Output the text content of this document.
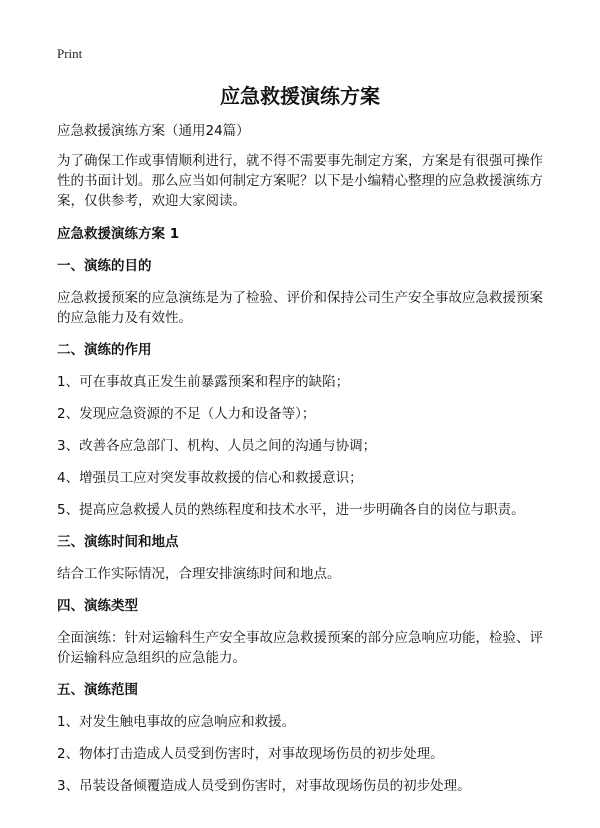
Print
应急救援演练方案

应急救援演练方案（通用24篇）

为了确保工作或事情顺利进行，就不得不需要事先制定方案，方案是有很强可操作性的书面计划。那么应当如何制定方案呢？以下是小编精心整理的应急救援演练方案，仅供参考，欢迎大家阅读。

应急救援演练方案 1

一、演练的目的

应急救援预案的应急演练是为了检验、评价和保持公司生产安全事故应急救援预案的应急能力及有效性。

二、演练的作用

1、可在事故真正发生前暴露预案和程序的缺陷；

2、发现应急资源的不足（人力和设备等）；

3、改善各应急部门、机构、人员之间的沟通与协调；

4、增强员工应对突发事故救援的信心和救援意识；

5、提高应急救援人员的熟练程度和技术水平，进一步明确各自的岗位与职责。

三、演练时间和地点

结合工作实际情况，合理安排演练时间和地点。

四、演练类型

全面演练：针对运输科生产安全事故应急救援预案的部分应急响应功能，检验、评价运输科应急组织的应急能力。

五、演练范围

1、对发生触电事故的应急响应和救援。

2、物体打击造成人员受到伤害时，对事故现场伤员的初步处理。

3、吊装设备倾覆造成人员受到伤害时，对事故现场伤员的初步处理。
